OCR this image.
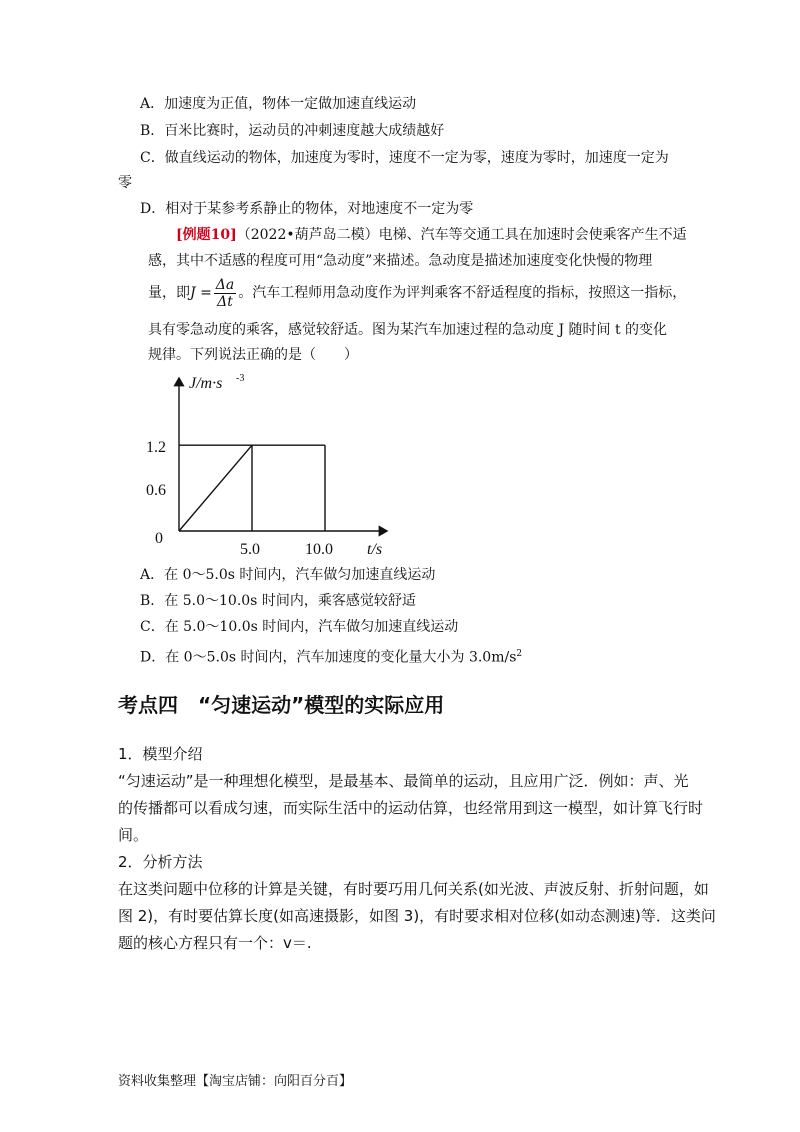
A．加速度为正值，物体一定做加速直线运动
B．百米比赛时，运动员的冲刺速度越大成绩越好
C．做直线运动的物体，加速度为零时，速度不一定为零，速度为零时，加速度一定为
零
D．相对于某参考系静止的物体，对地速度不一定为零
[例题10]（2022•葫芦岛二模）电梯、汽车等交通工具在加速时会使乘客产生不适
感，其中不适感的程度可用“急动度”来描述。急动度是描述加速度变化快慢的物理
量，即$J = \frac{\Delta a}{\Delta t}$ 。汽车工程师用急动度作为评判乘客不舒适程度的指标，按照这一指标，
具有零急动度的乘客，感觉较舒适。图为某汽车加速过程的急动度 J 随时间 t 的变化
规律。下列说法正确的是（　　）
J/m·s -3
t/s
0
0.6
1.2
5.0	10.0
A．在 0～5.0s 时间内，汽车做匀加速直线运动
B．在 5.0～10.0s 时间内，乘客感觉较舒适
C．在 5.0～10.0s 时间内，汽车做匀加速直线运动
D．在 0～5.0s 时间内，汽车加速度的变化量大小为 $3.0m/s^2$
考点四　“匀速运动”模型的实际应用
1．模型介绍
“匀速运动”是一种理想化模型，是最基本、最简单的运动，且应用广泛．例如：声、光
的传播都可以看成匀速，而实际生活中的运动估算，也经常用到这一模型，如计算飞行时
间。
2．分析方法
在这类问题中位移的计算是关键，有时要巧用几何关系(如光波、声波反射、折射问题，如
图 2)，有时要估算长度(如高速摄影，如图 3)，有时要求相对位移(如动态测速)等．这类问
题的核心方程只有一个：v＝.
资料收集整理【淘宝店铺：向阳百分百】
